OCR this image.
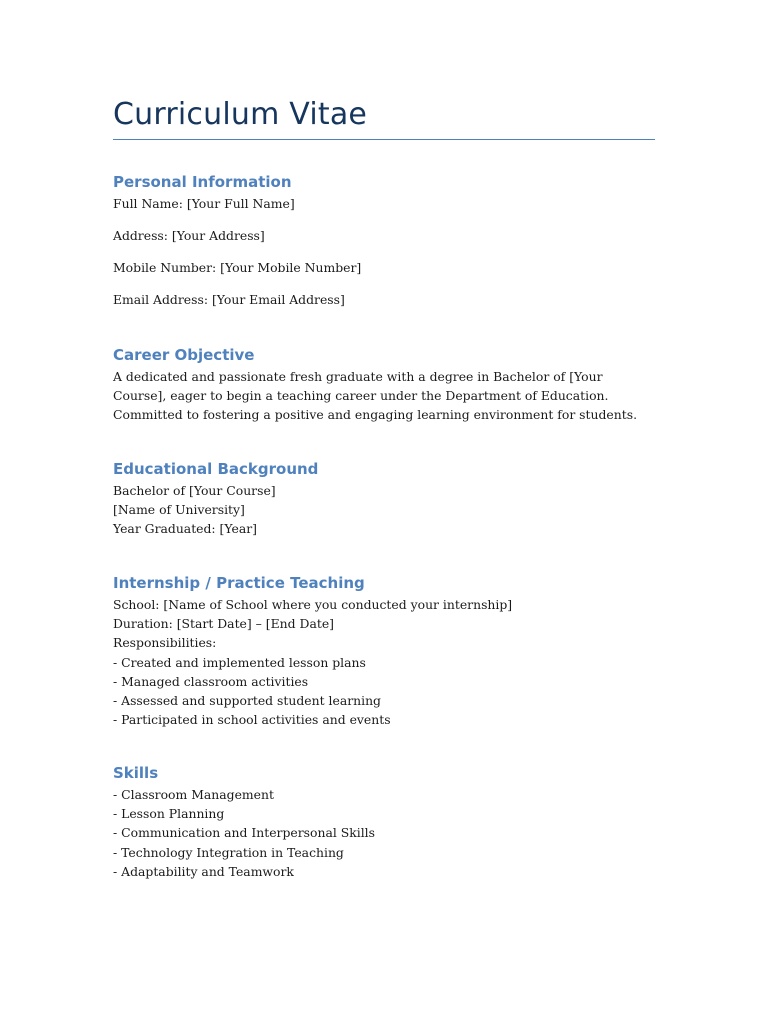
Curriculum Vitae
Personal Information

Full Name: [Your Full Name]

Address: [Your Address]

Mobile Number: [Your Mobile Number]

Email Address: [Your Email Address]

Career Objective

A dedicated and passionate fresh graduate with a degree in Bachelor of [Your Course], eager to begin a teaching career under the Department of Education. Committed to fostering a positive and engaging learning environment for students.

Educational Background

Bachelor of [Your Course]

[Name of University]

Year Graduated: [Year]

Internship / Practice Teaching

School: [Name of School where you conducted your internship]

Duration: [Start Date] – [End Date]

Responsibilities:

- Created and implemented lesson plans

- Managed classroom activities

- Assessed and supported student learning

- Participated in school activities and events

Skills

- Classroom Management

- Lesson Planning

- Communication and Interpersonal Skills

- Technology Integration in Teaching

- Adaptability and Teamwork
